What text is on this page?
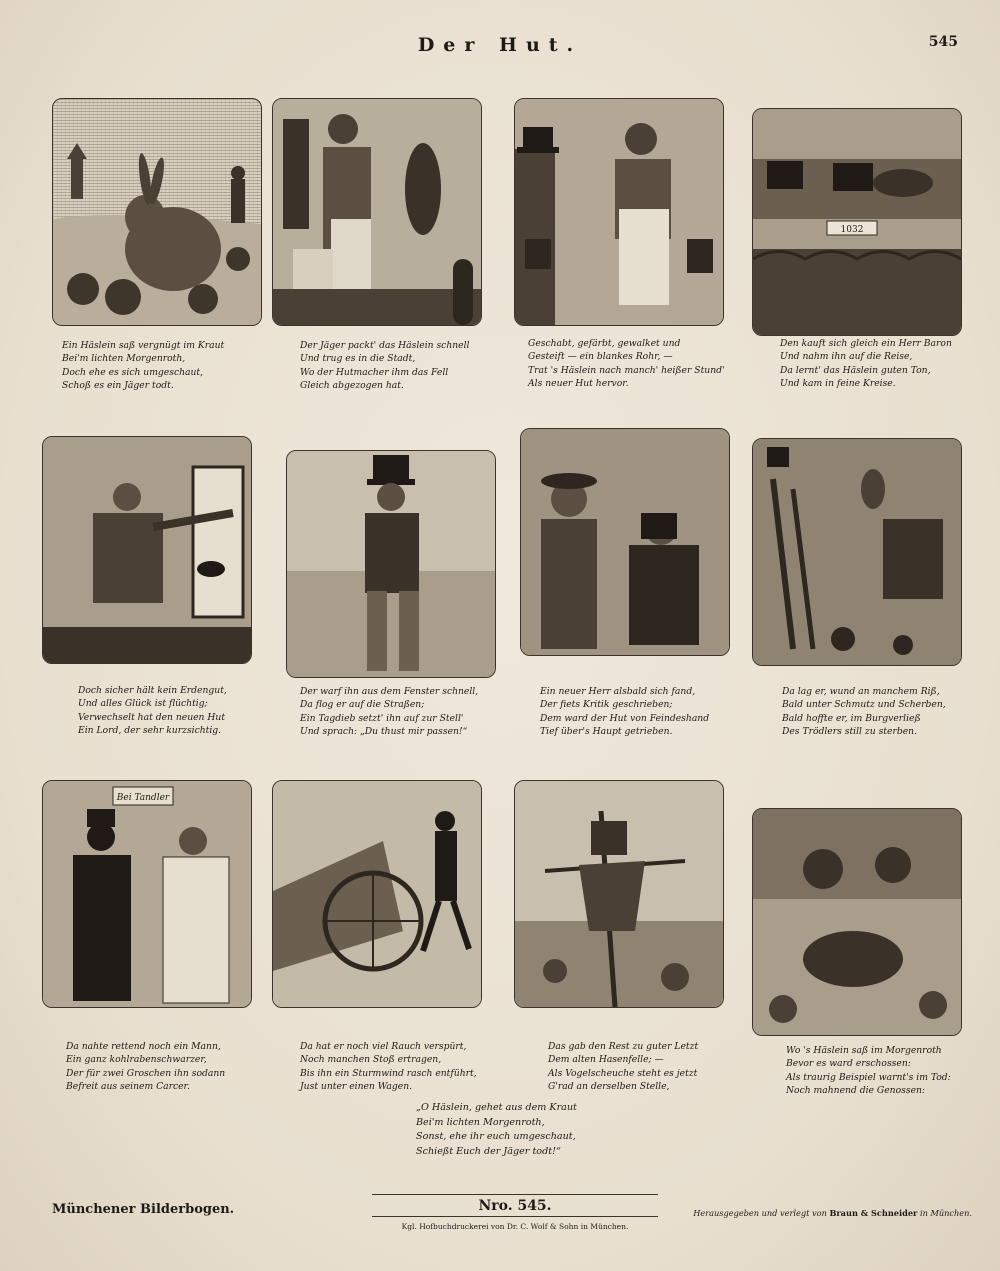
Der Hut.	545
1032
Ein Häslein saß vergnügt im Kraut
Bei'm lichten Morgenroth,
Doch ehe es sich umgeschaut,
Schoß es ein Jäger todt.
Der Jäger packt' das Häslein schnell
Und trug es in die Stadt,
Wo der Hutmacher ihm das Fell
Gleich abgezogen hat.
Geschabt, gefärbt, gewalket und
Gesteift — ein blankes Rohr, —
Trat 's Häslein nach manch' heißer Stund'
Als neuer Hut hervor.
Den kauft sich gleich ein Herr Baron
Und nahm ihn auf die Reise,
Da lernt' das Häslein guten Ton,
Und kam in feine Kreise.
Doch sicher hält kein Erdengut,
Und alles Glück ist flüchtig;
Verwechselt hat den neuen Hut
Ein Lord, der sehr kurzsichtig.
Der warf ihn aus dem Fenster schnell,
Da flog er auf die Straßen;
Ein Tagdieb setzt' ihn auf zur Stell'
Und sprach: „Du thust mir passen!“
Ein neuer Herr alsbald sich fand,
Der fiets Kritik geschrieben;
Dem ward der Hut von Feindeshand
Tief über's Haupt getrieben.
Da lag er, wund an manchem Riß,
Bald unter Schmutz und Scherben,
Bald hoffte er, im Burgverließ
Des Trödlers still zu sterben.
Bei Tandler
Da nahte rettend noch ein Mann,
Ein ganz kohlrabenschwarzer,
Der für zwei Groschen ihn sodann
Befreit aus seinem Carcer.
Da hat er noch viel Rauch verspürt,
Noch manchen Stoß ertragen,
Bis ihn ein Sturmwind rasch entführt,
Just unter einen Wagen.
Das gab den Rest zu guter Letzt
Dem alten Hasenfelle; —
Als Vogelscheuche steht es jetzt
G'rad an derselben Stelle,
Wo 's Häslein saß im Morgenroth
Bevor es ward erschossen:
Als traurig Beispiel warnt's im Tod:
Noch mahnend die Genossen:
„O Häslein, gehet aus dem Kraut
Bei'm lichten Morgenroth,
Sonst, ehe ihr euch umgeschaut,
Schießt Euch der Jäger todt!“
Münchener Bilderbogen.	Nro. 545.
Kgl. Hofbuchdruckerei von Dr. C. Wolf & Sohn in München.
Herausgegeben und verlegt von Braun & Schneider in München.
